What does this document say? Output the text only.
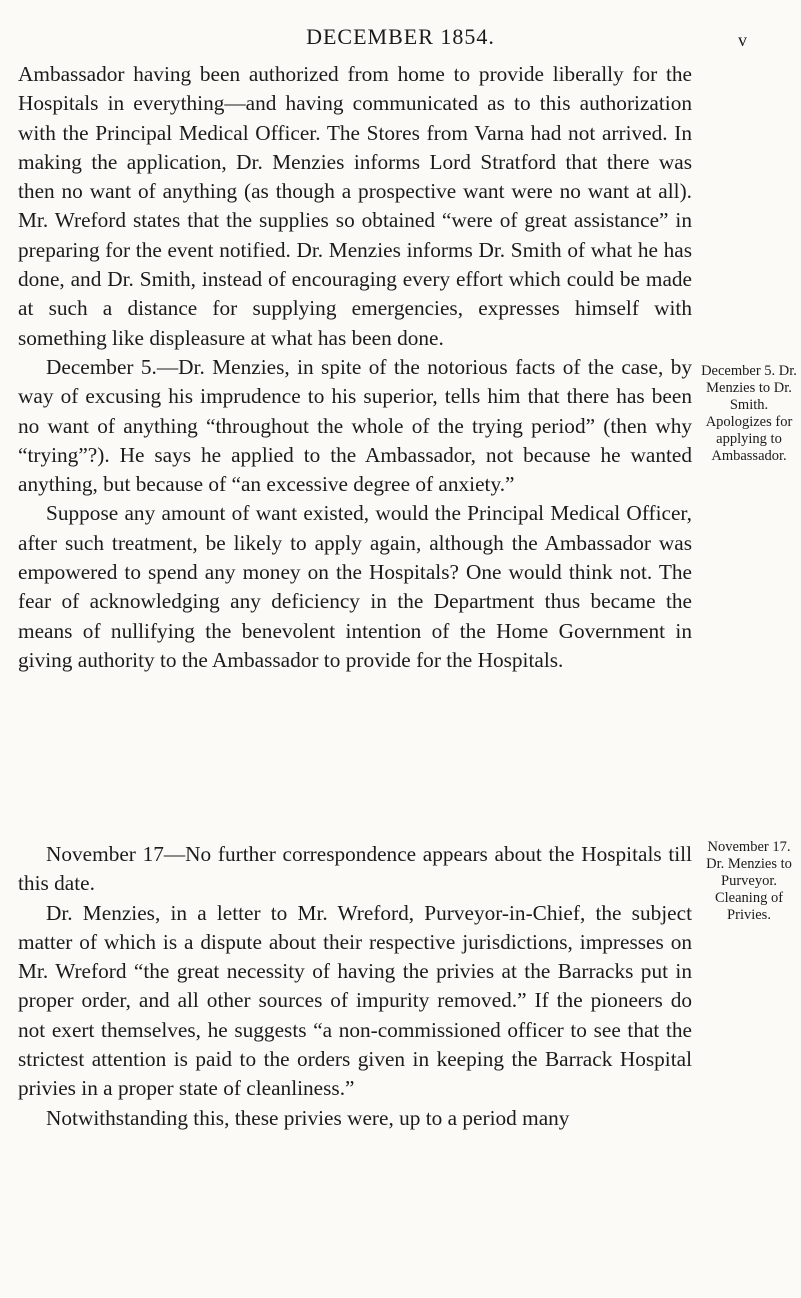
DECEMBER 1854.	v

Ambassador having been authorized from home to provide liberally for the Hospitals in everything—and having communicated as to this authorization with the Principal Medical Officer. The Stores from Varna had not arrived. In making the application, Dr. Menzies informs Lord Stratford that there was then no want of anything (as though a prospective want were no want at all). Mr. Wreford states that the supplies so obtained “were of great assistance” in preparing for the event notified. Dr. Menzies informs Dr. Smith of what he has done, and Dr. Smith, instead of encouraging every effort which could be made at such a distance for supplying emergencies, expresses himself with something like displeasure at what has been done.

December 5.—Dr. Menzies, in spite of the notorious facts of the case, by way of excusing his imprudence to his superior, tells him that there has been no want of anything “throughout the whole of the trying period” (then why “trying”?). He says he applied to the Ambassador, not because he wanted anything, but because of “an excessive degree of anxiety.”

Suppose any amount of want existed, would the Principal Medical Officer, after such treatment, be likely to apply again, although the Ambassador was empowered to spend any money on the Hospitals? One would think not. The fear of acknowledging any deficiency in the Department thus became the means of nullifying the benevolent intention of the Home Government in giving authority to the Ambassador to provide for the Hospitals.

December 5. Dr. Menzies to Dr. Smith. Apologizes for applying to Ambassador.

November 17—No further correspondence appears about the Hospitals till this date.

Dr. Menzies, in a letter to Mr. Wreford, Purveyor-in-Chief, the subject matter of which is a dispute about their respective jurisdictions, impresses on Mr. Wreford “the great necessity of having the privies at the Barracks put in proper order, and all other sources of impurity removed.” If the pioneers do not exert themselves, he suggests “a non-commissioned officer to see that the strictest attention is paid to the orders given in keeping the Barrack Hospital privies in a proper state of cleanliness.”

Notwithstanding this, these privies were, up to a period many

November 17. Dr. Menzies to Purveyor. Cleaning of Privies.
